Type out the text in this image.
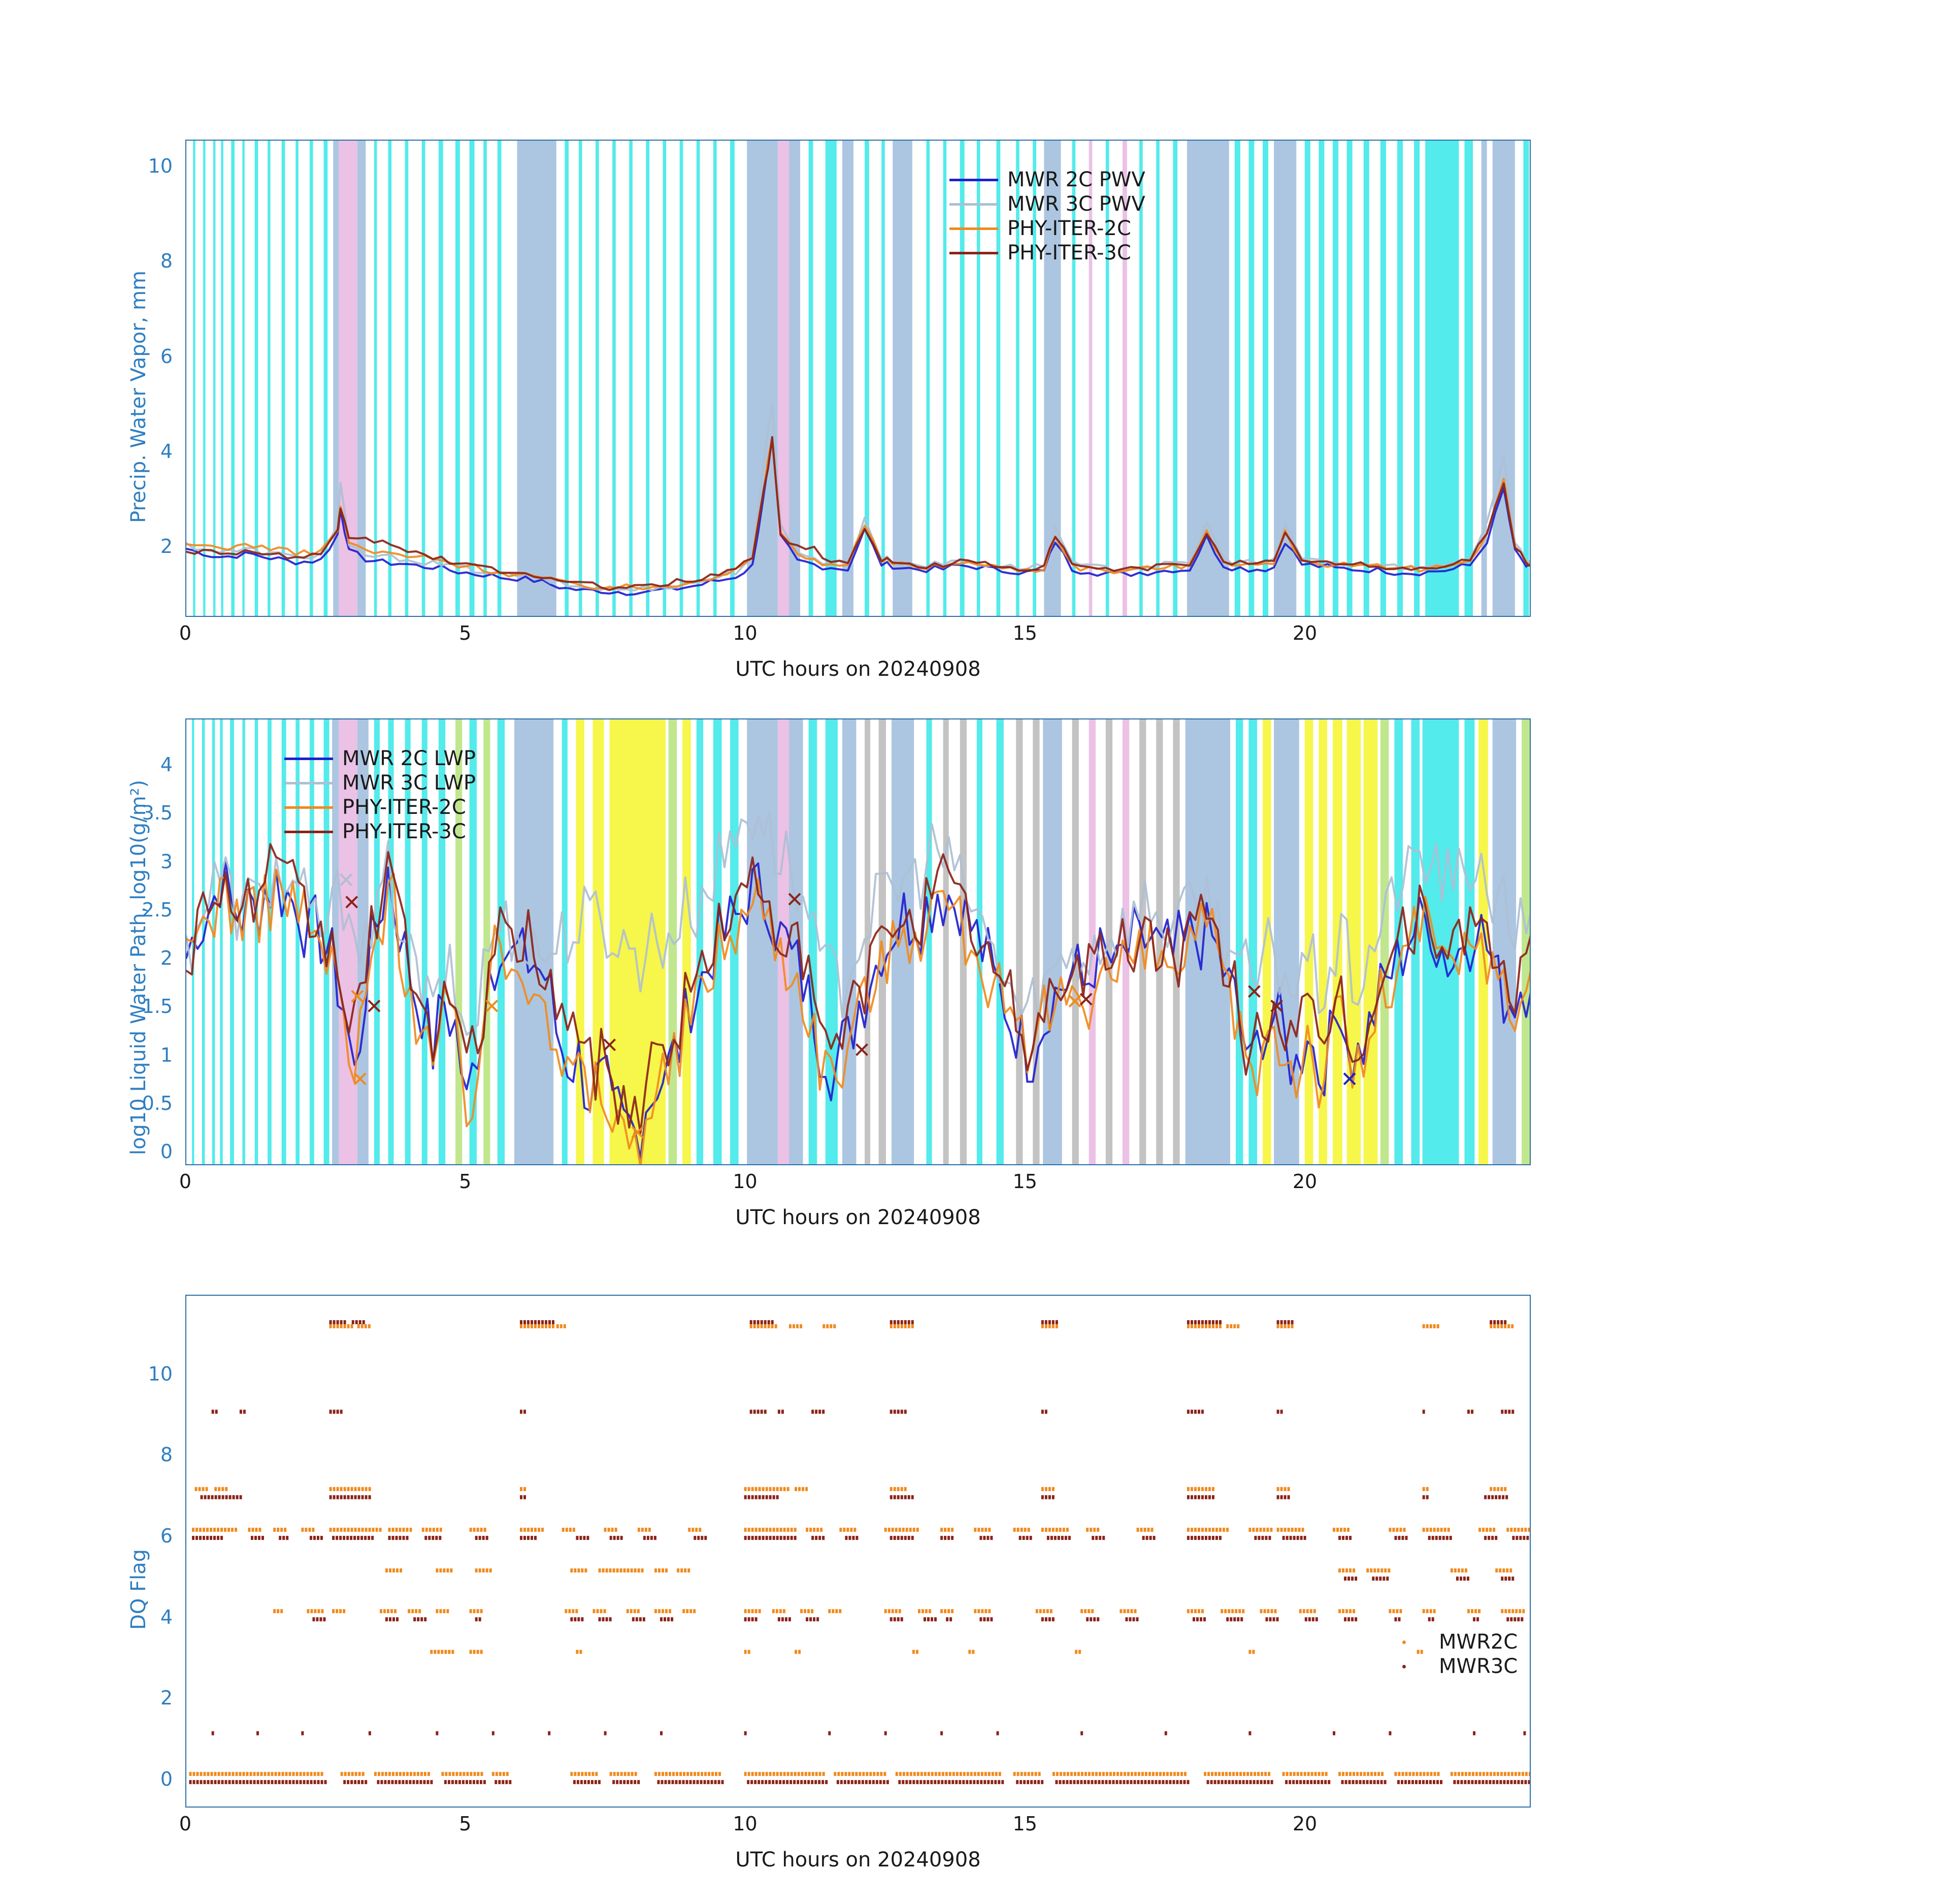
Precip. Water Vapor, mm
10
8
6
4
2
0	5	10	15	20
UTC hours on 20240908
MWR 2C PWV
MWR 3C PWV
PHY-ITER-2C
PHY-ITER-3C
log10 Liquid Water Path, log10(g/m²)
4
3.5
3
2.5
2
1.5
1
0.5
0
0	5	10	15	20
UTC hours on 20240908
MWR 2C LWP
MWR 3C LWP
PHY-ITER-2C
PHY-ITER-3C
DQ Flag
10
8
6
4
2
0
0	5	10	15	20
UTC hours on 20240908
MWR2C
MWR3C
